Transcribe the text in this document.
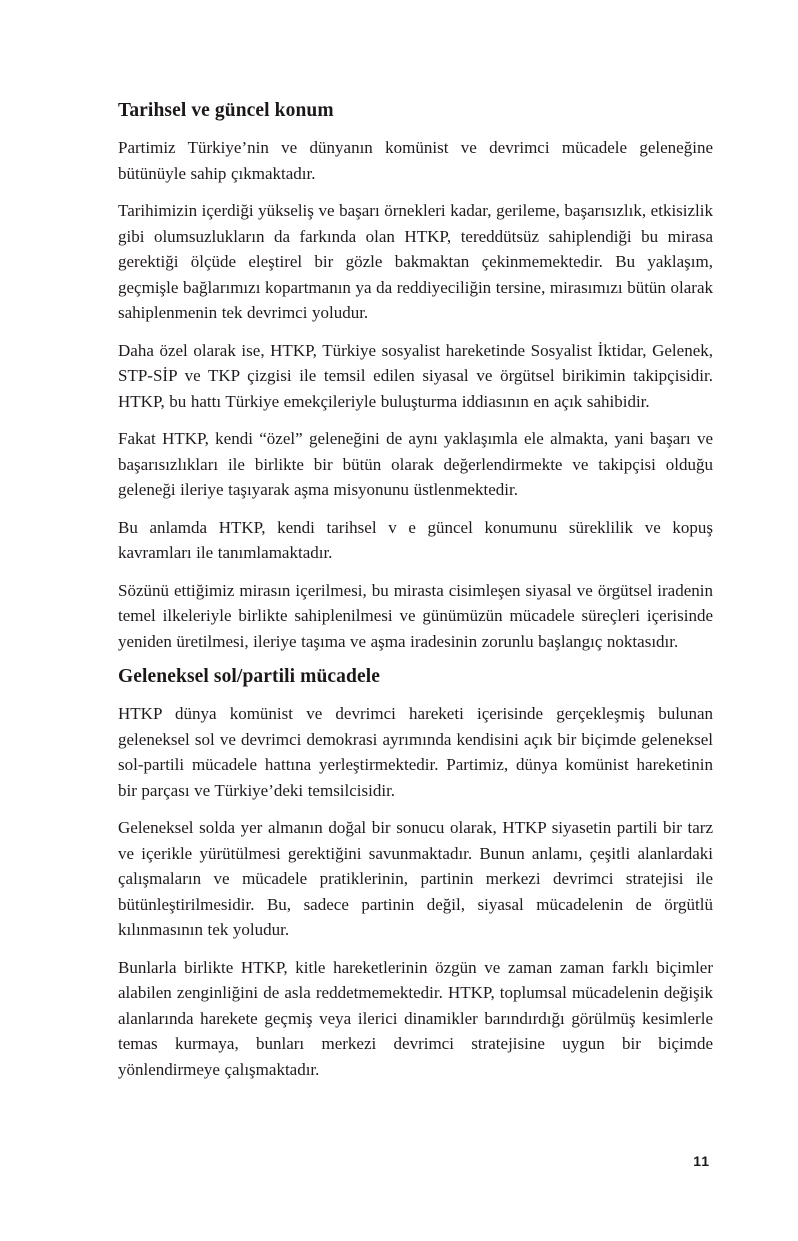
Tarihsel ve güncel konum

Partimiz Türkiye’nin ve dünyanın komünist ve devrimci mücadele geleneğine bütünüyle sahip çıkmaktadır.

Tarihimizin içerdiği yükseliş ve başarı örnekleri kadar, gerileme, başarısızlık, etkisizlik gibi olumsuzlukların da farkında olan HTKP, tereddütsüz sahiplendiği bu mirasa gerektiği ölçüde eleştirel bir gözle bakmaktan çekinmemektedir. Bu yaklaşım, geçmişle bağlarımızı kopartmanın ya da reddiyeciliğin tersine, mirasımızı bütün olarak sahiplenmenin tek devrimci yoludur.

Daha özel olarak ise, HTKP, Türkiye sosyalist hareketinde Sosyalist İktidar, Gelenek, STP-SİP ve TKP çizgisi ile temsil edilen siyasal ve örgütsel birikimin takipçisidir. HTKP, bu hattı Türkiye emekçileriyle buluşturma iddiasının en açık sahibidir.

Fakat HTKP, kendi “özel” geleneğini de aynı yaklaşımla ele almakta, yani başarı ve başarısızlıkları ile birlikte bir bütün olarak değerlendirmekte ve takipçisi olduğu geleneği ileriye taşıyarak aşma misyonunu üstlenmektedir.

Bu anlamda HTKP, kendi tarihsel v e güncel konumunu süreklilik ve kopuş kavramları ile tanımlamaktadır.

Sözünü ettiğimiz mirasın içerilmesi, bu mirasta cisimleşen siyasal ve örgütsel iradenin temel ilkeleriyle birlikte sahiplenilmesi ve günümüzün mücadele süreçleri içerisinde yeniden üretilmesi, ileriye taşıma ve aşma iradesinin zorunlu başlangıç noktasıdır.

Geleneksel sol/partili mücadele

HTKP dünya komünist ve devrimci hareketi içerisinde gerçekleşmiş bulunan geleneksel sol ve devrimci demokrasi ayrımında kendisini açık bir biçimde geleneksel sol-partili mücadele hattına yerleştirmektedir. Partimiz, dünya komünist hareketinin bir parçası ve Türkiye’deki temsilcisidir.

Geleneksel solda yer almanın doğal bir sonucu olarak, HTKP siyasetin partili bir tarz ve içerikle yürütülmesi gerektiğini savunmaktadır. Bunun anlamı, çeşitli alanlardaki çalışmaların ve mücadele pratiklerinin, partinin merkezi devrimci stratejisi ile bütünleştirilmesidir. Bu, sadece partinin değil, siyasal mücadelenin de örgütlü kılınmasının tek yoludur.

Bunlarla birlikte HTKP, kitle hareketlerinin özgün ve zaman zaman farklı biçimler alabilen zenginliğini de asla reddetmemektedir. HTKP, toplumsal mücadelenin değişik alanlarında harekete geçmiş veya ilerici dinamikler barındırdığı görülmüş kesimlerle temas kurmaya, bunları merkezi devrimci stratejisine uygun bir biçimde yönlendirmeye çalışmaktadır.

11
